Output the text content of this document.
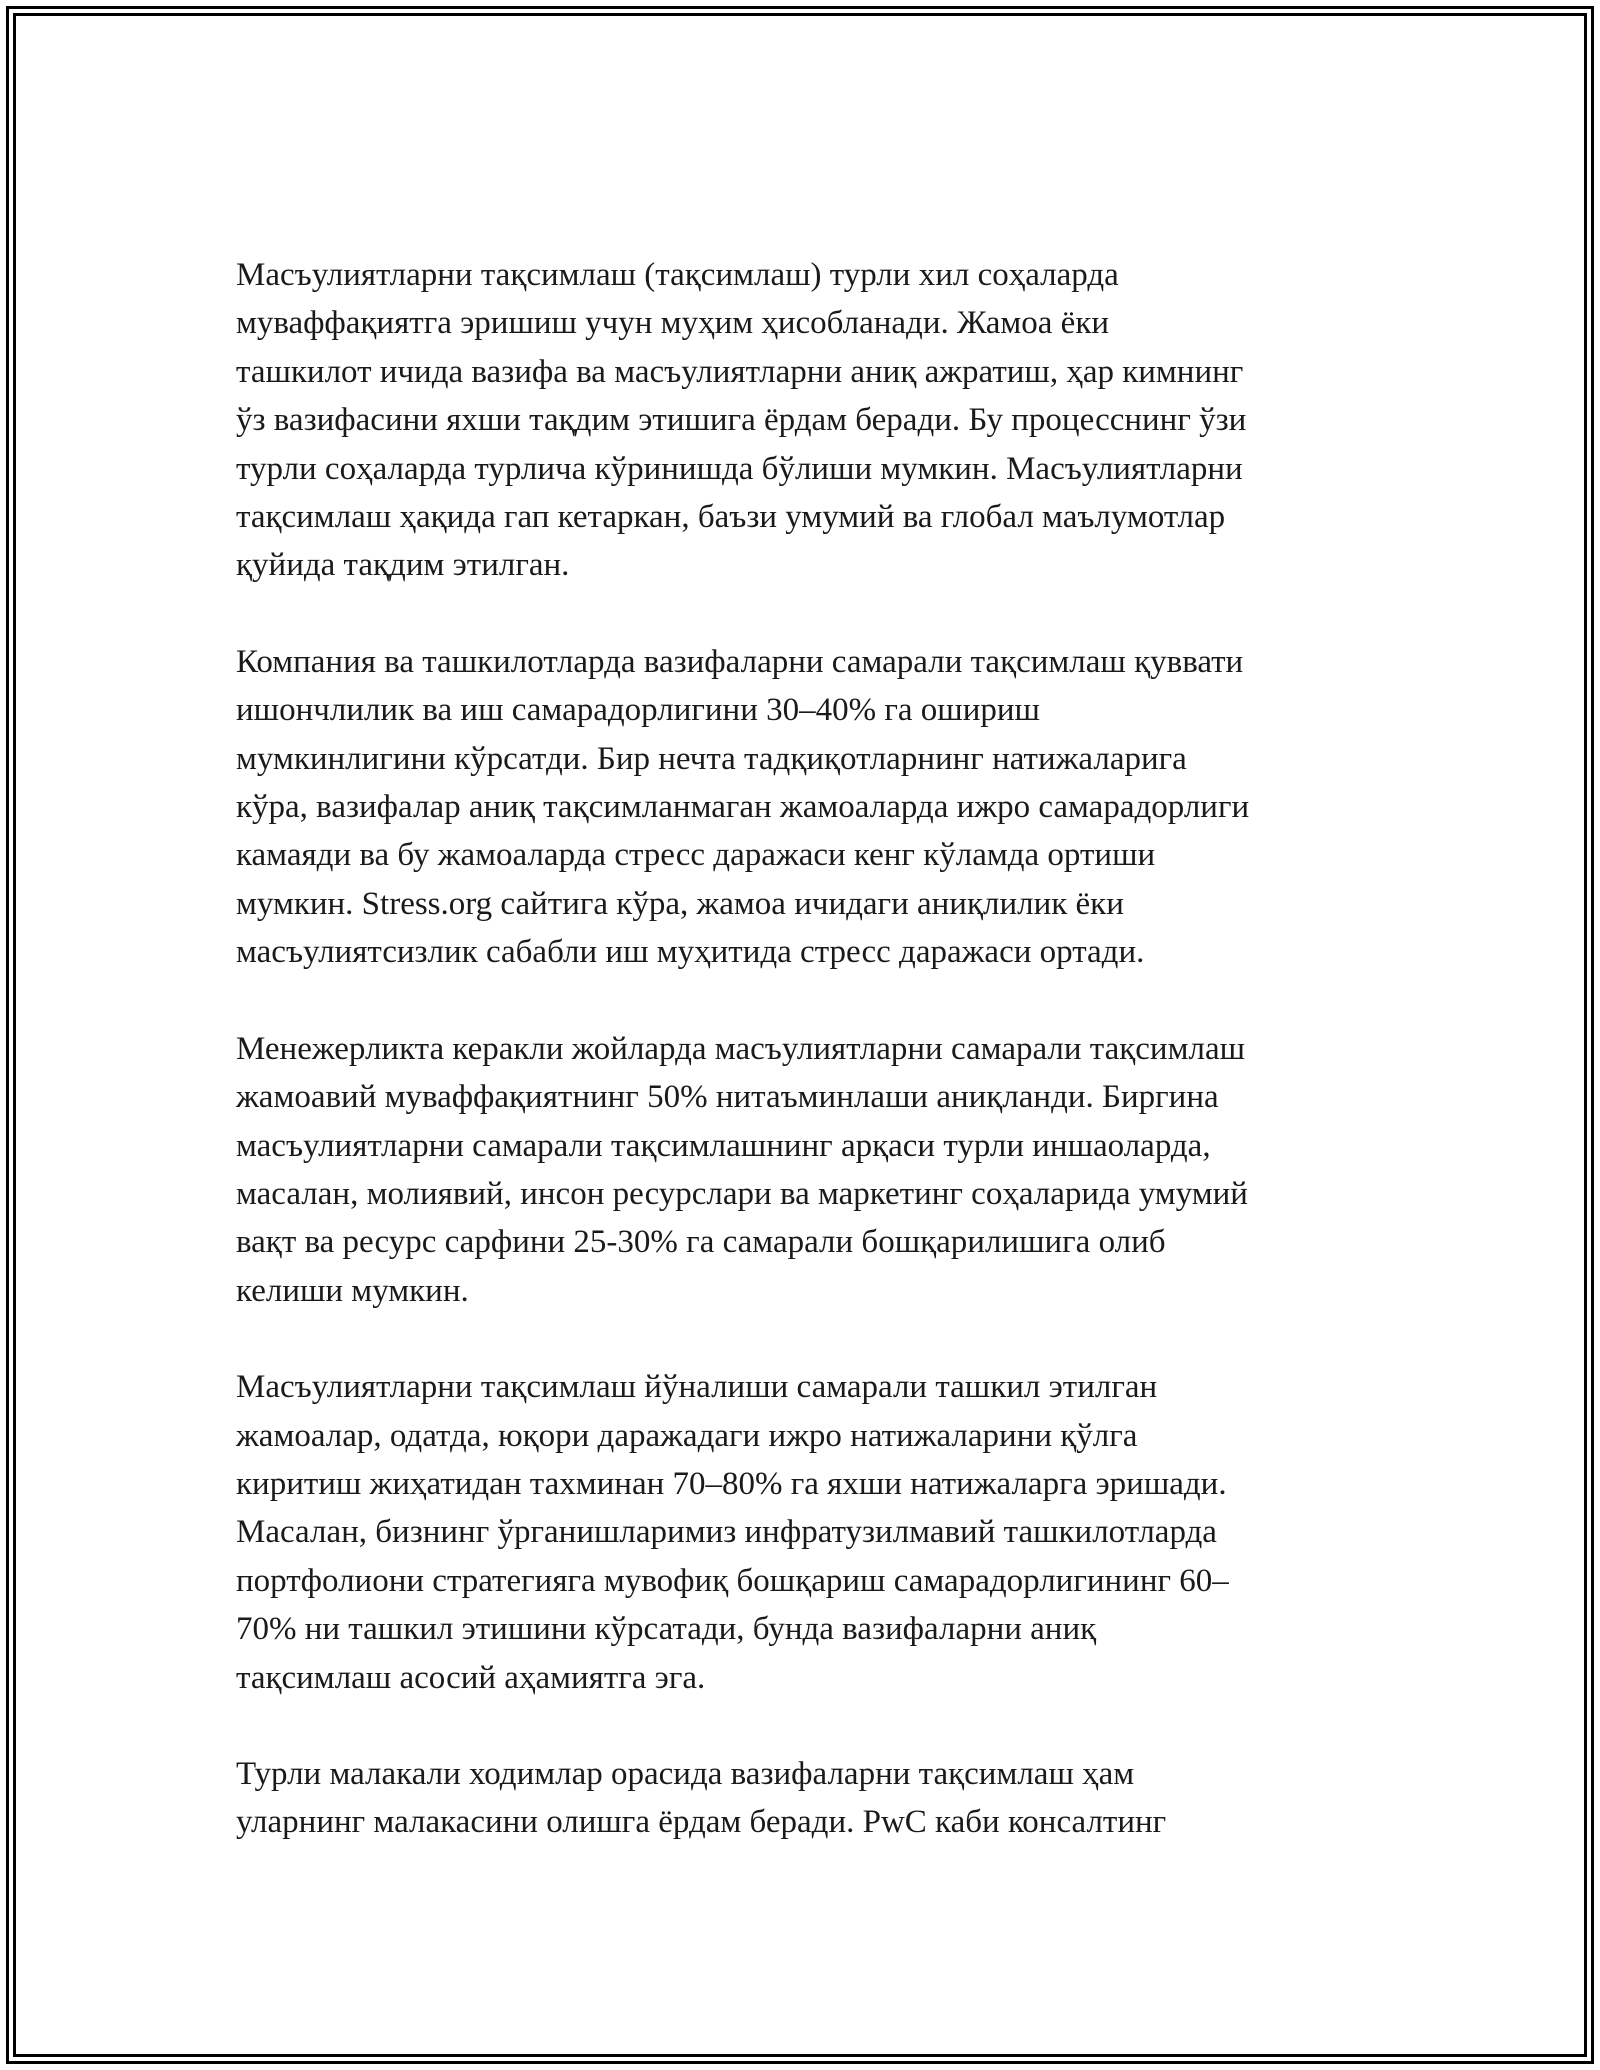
Масъулиятларни тақсимлаш (тақсимлаш) турли хил соҳаларда
муваффақиятга эришиш учун муҳим ҳисобланади. Жамоа ёки
ташкилот ичида вазифа ва масъулиятларни аниқ ажратиш, ҳар кимнинг
ўз вазифасини яхши тақдим этишига ёрдам беради. Бу процесснинг ўзи
турли соҳаларда турлича кўринишда бўлиши мумкин. Масъулиятларни
тақсимлаш ҳақида гап кетаркан, баъзи умумий ва глобал маълумотлар
қуйида тақдим этилган.

Компания ва ташкилотларда вазифаларни самарали тақсимлаш қуввати
ишончлилик ва иш самарадорлигини 30–40% га ошириш
мумкинлигини кўрсатди. Бир нечта тадқиқотларнинг натижаларига
кўра, вазифалар аниқ тақсимланмаган жамоаларда ижро самарадорлиги
камаяди ва бу жамоаларда стресс даражаси кенг кўламда ортиши
мумкин. Stress.org сайтига кўра, жамоа ичидаги аниқлилик ёки
масъулиятсизлик сабабли иш муҳитида стресс даражаси ортади.

Менежерликта керакли жойларда масъулиятларни самарали тақсимлаш
жамоавий муваффақиятнинг 50% нитаъминлаши аниқланди. Биргина
масъулиятларни самарали тақсимлашнинг арқаси турли иншаоларда,
масалан, молиявий, инсон ресурслари ва маркетинг соҳаларида умумий
вақт ва ресурс сарфини 25-30% га самарали бошқарилишига олиб
келиши мумкин.

Масъулиятларни тақсимлаш йўналиши самарали ташкил этилган
жамоалар, одатда, юқори даражадаги ижро натижаларини қўлга
киритиш жиҳатидан тахминан 70–80% га яхши натижаларга эришади.
Масалан, бизнинг ўрганишларимиз инфратузилмавий ташкилотларда
портфолиони стратегияга мувофиқ бошқариш самарадорлигининг 60–
70% ни ташкил этишини кўрсатади, бунда вазифаларни аниқ
тақсимлаш асосий аҳамиятга эга.

Турли малакали ходимлар орасида вазифаларни тақсимлаш ҳам
уларнинг малакасини олишга ёрдам беради. PwC каби консалтинг
